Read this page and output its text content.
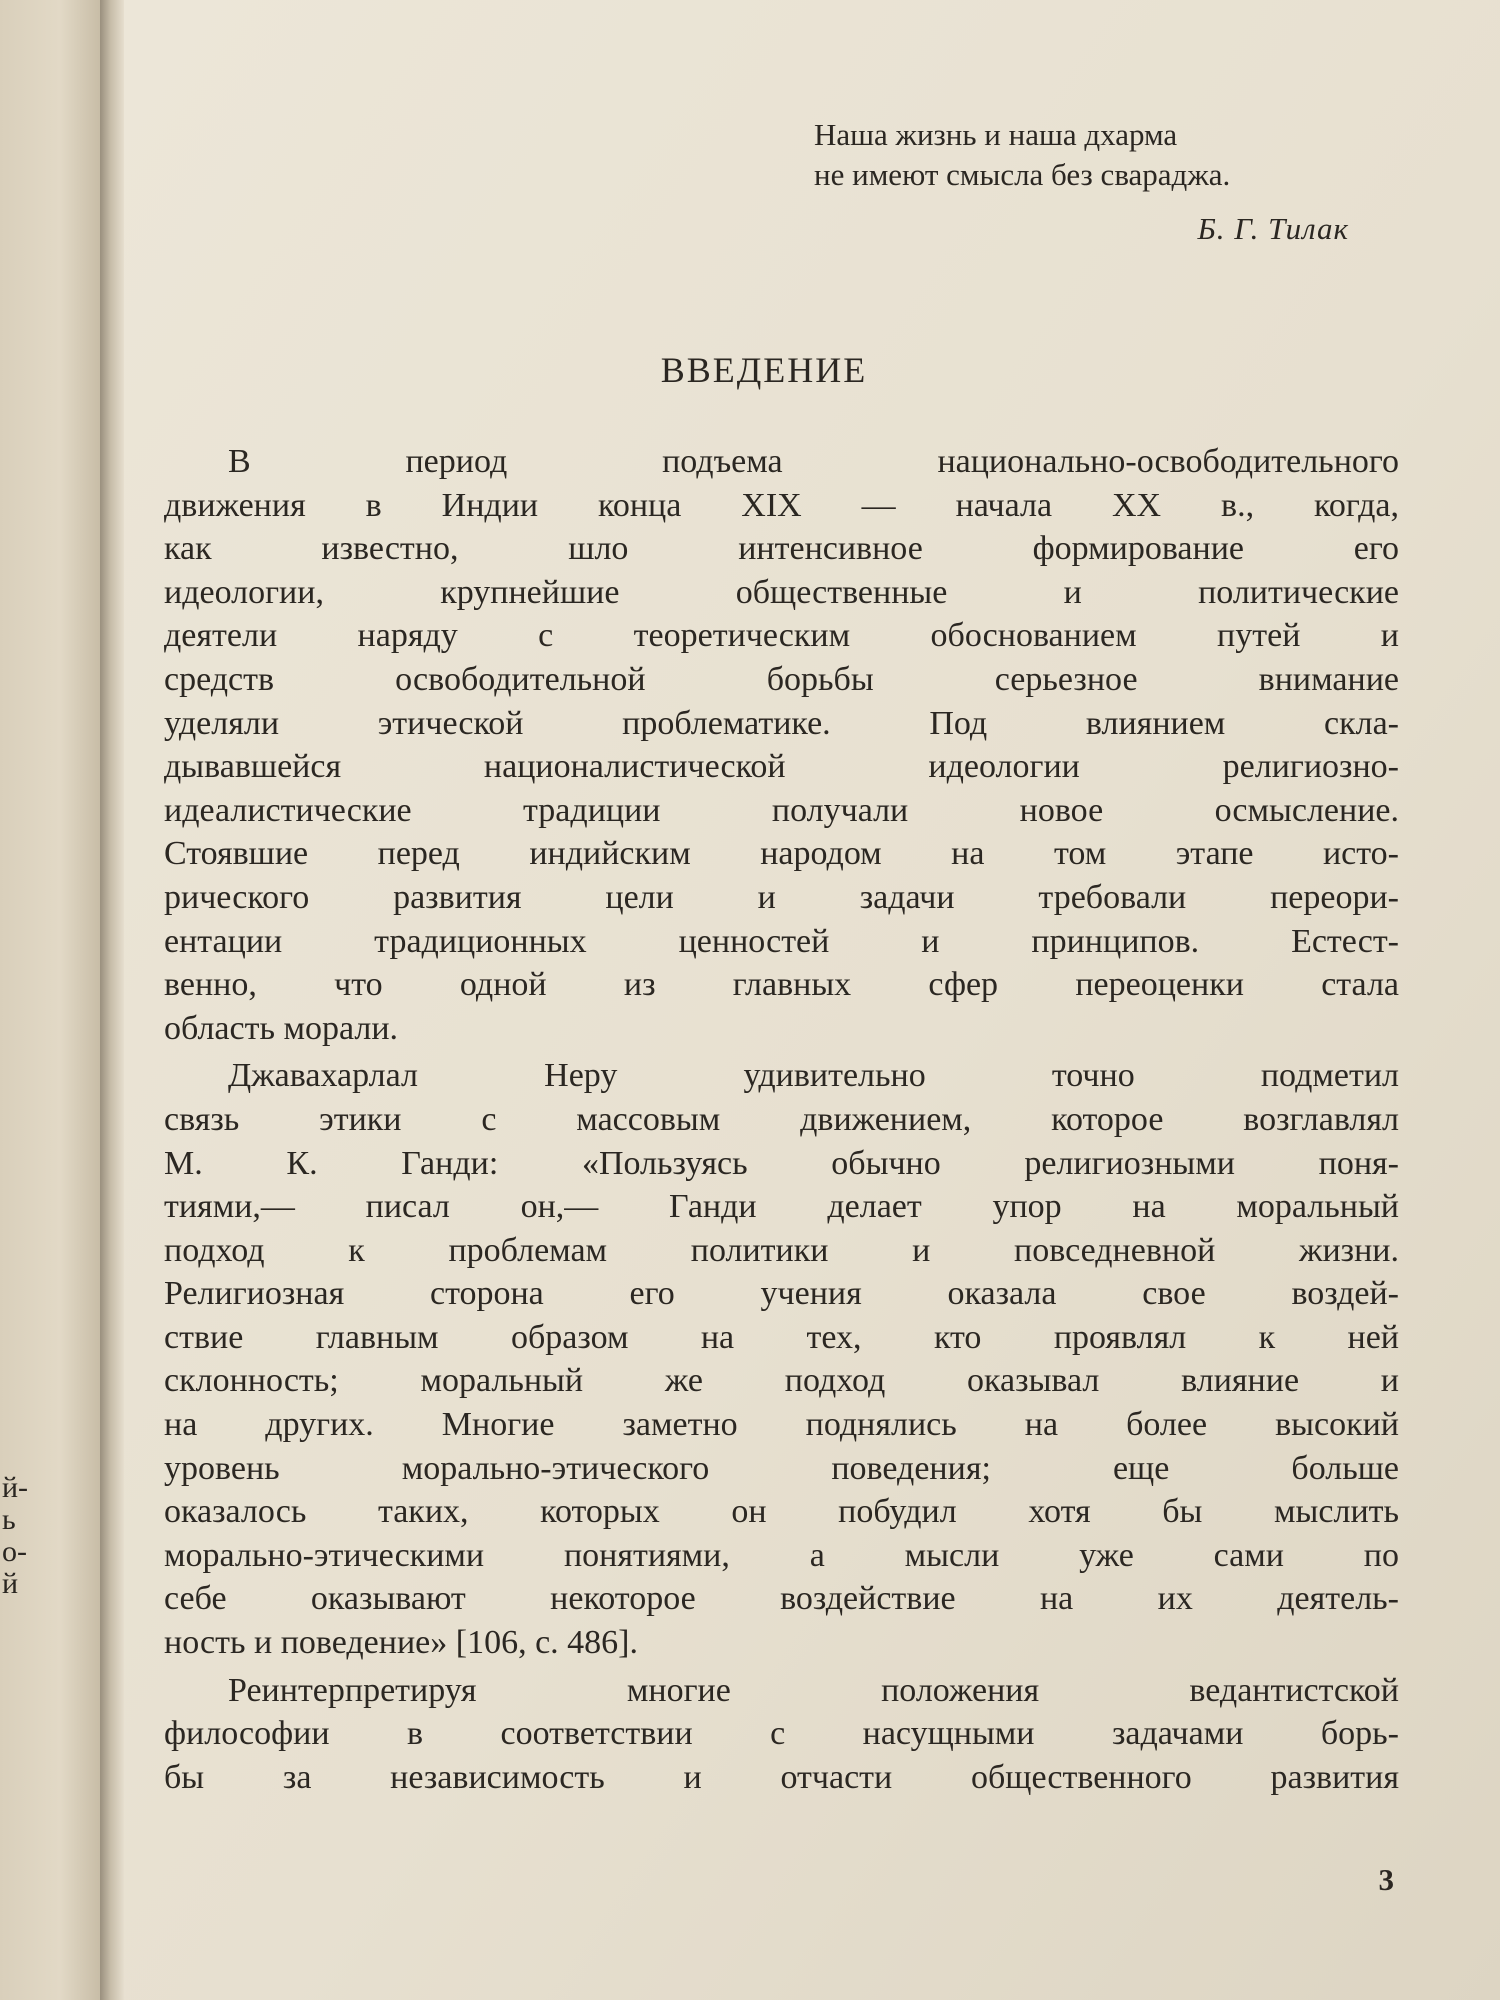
й-
ь
о-
й
Наша жизнь и наша дхарма
не имеют смысла без свараджа.
Б. Г. Тилак
ВВЕДЕНИЕ

В период подъема национально-освободительного
движения в Индии конца XIX — начала XX в., когда,
как известно, шло интенсивное формирование его
идеологии, крупнейшие общественные и политические
деятели наряду с теоретическим обоснованием путей и
средств освободительной борьбы серьезное внимание
уделяли этической проблематике. Под влиянием скла-
дывавшейся националистической идеологии религиозно-
идеалистические традиции получали новое осмысление.
Стоявшие перед индийским народом на том этапе исто-
рического развития цели и задачи требовали переори-
ентации традиционных ценностей и принципов. Естест-
венно, что одной из главных сфер переоценки стала
область морали.

Джавахарлал Неру удивительно точно подметил
связь этики с массовым движением, которое возглавлял
М. К. Ганди: «Пользуясь обычно религиозными поня-
тиями,— писал он,— Ганди делает упор на моральный
подход к проблемам политики и повседневной жизни.
Религиозная сторона его учения оказала свое воздей-
ствие главным образом на тех, кто проявлял к ней
склонность; моральный же подход оказывал влияние и
на других. Многие заметно поднялись на более высокий
уровень морально-этического поведения; еще больше
оказалось таких, которых он побудил хотя бы мыслить
морально-этическими понятиями, а мысли уже сами по
себе оказывают некоторое воздействие на их деятель-
ность и поведение» [106, с. 486].

Реинтерпретируя многие положения ведантистской
философии в соответствии с насущными задачами борь-
бы за независимость и отчасти общественного развития

3
